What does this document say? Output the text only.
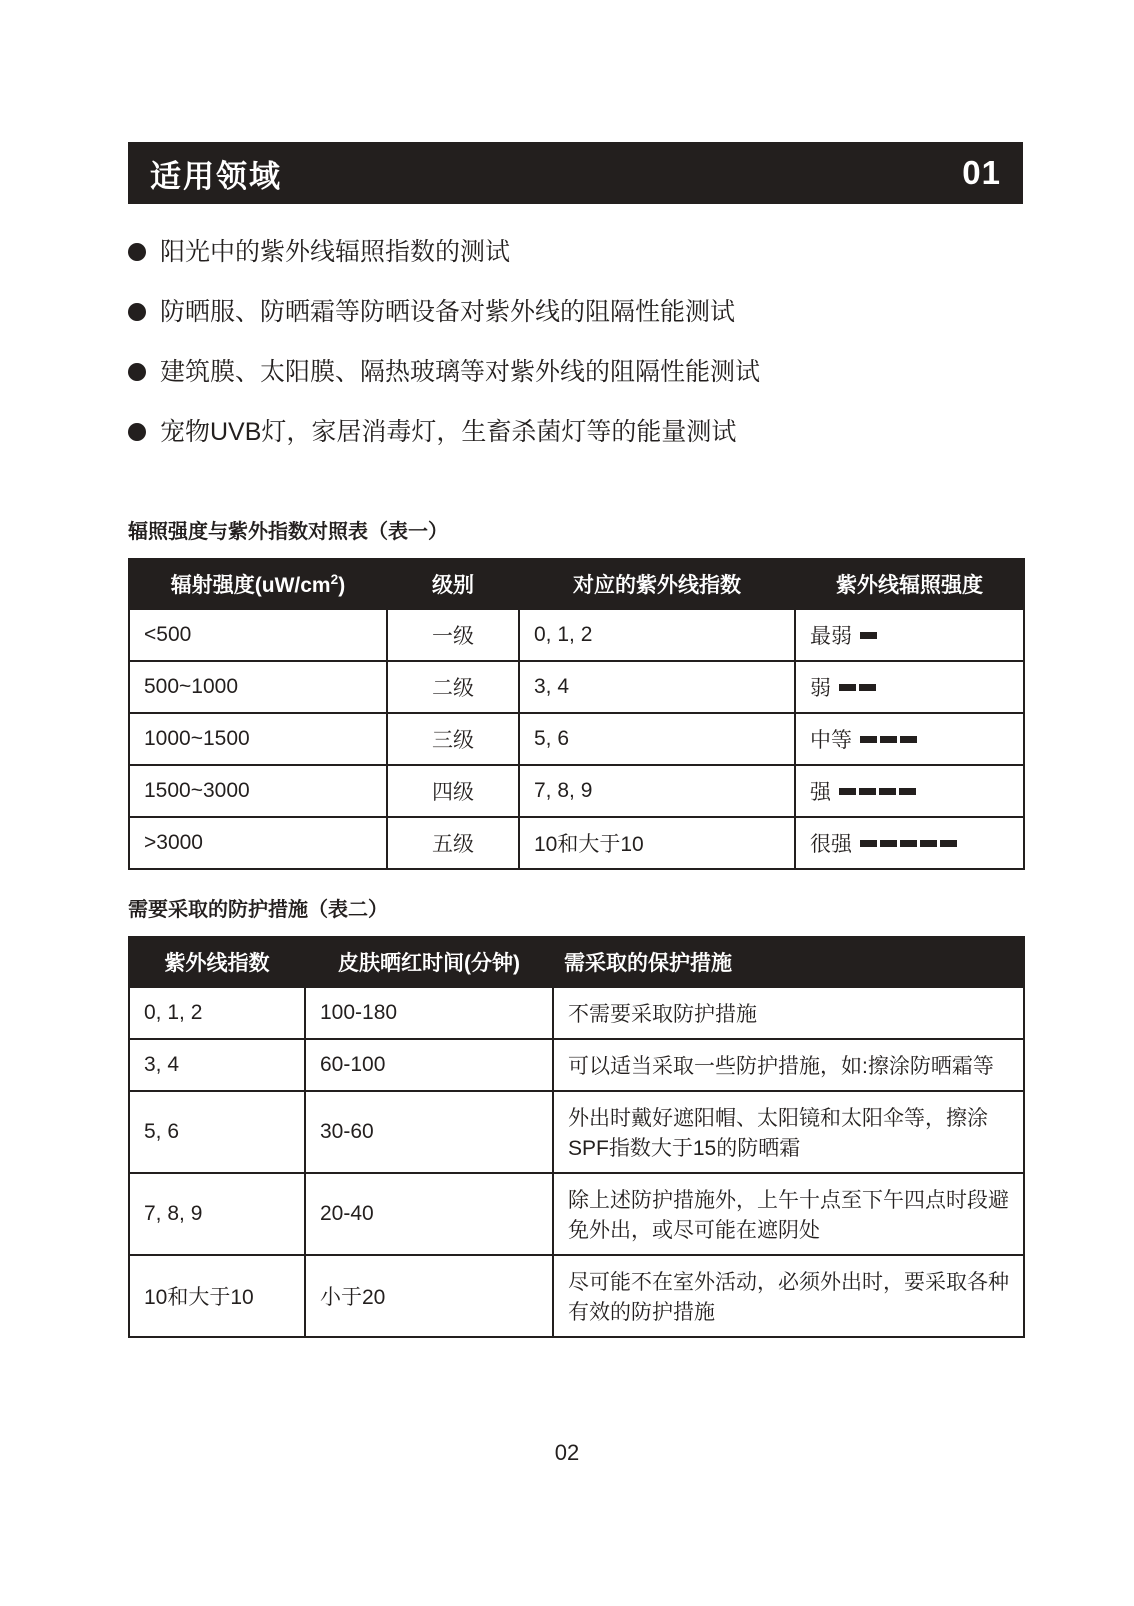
适用领域	01
阳光中的紫外线辐照指数的测试
防晒服、防晒霜等防晒设备对紫外线的阻隔性能测试
建筑膜、太阳膜、隔热玻璃等对紫外线的阻隔性能测试
宠物UVB灯，家居消毒灯，生畜杀菌灯等的能量测试
辐照强度与紫外指数对照表（表一）
辐射强度$(uW/cm^2)$	级别	对应的紫外线指数	紫外线辐照强度
<500	一级	0, 1, 2	最弱

500~1000	二级	3, 4	弱

1000~1500	三级	5, 6	中等

1500~3000	四级	7, 8, 9	强

>3000	五级	10和大于10	很强
需要采取的防护措施（表二）
紫外线指数	皮肤晒红时间(分钟)	需采取的保护措施
0, 1, 2	100-180	不需要采取防护措施
3, 4	60-100	可以适当采取一些防护措施，如:擦涂防晒霜等
5, 6	30-60	外出时戴好遮阳帽、太阳镜和太阳伞等，擦涂SPF指数大于15的防晒霜
7, 8, 9	20-40	除上述防护措施外，上午十点至下午四点时段避免外出，或尽可能在遮阴处
10和大于10	小于20	尽可能不在室外活动，必须外出时，要采取各种有效的防护措施
02
